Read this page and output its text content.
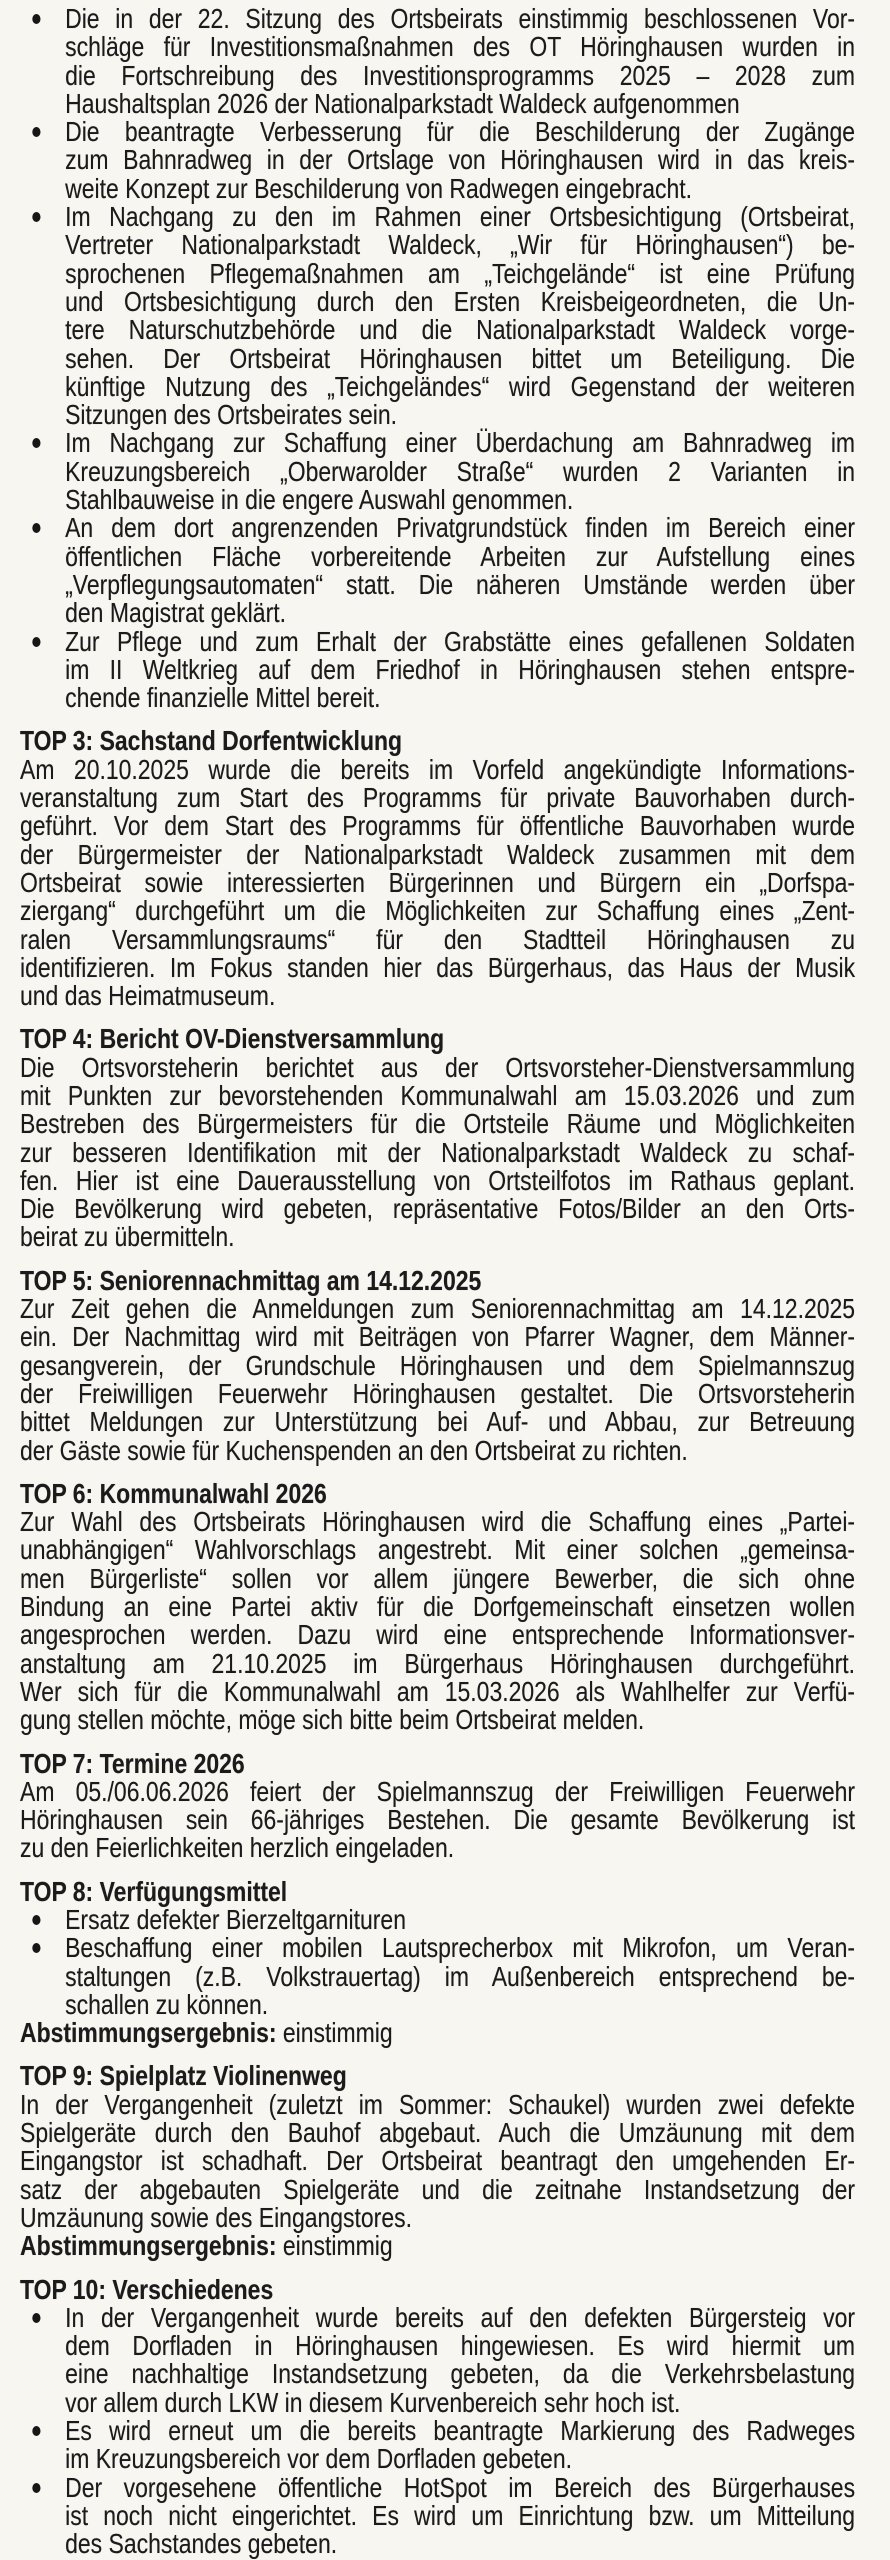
Die in der 22. Sitzung des Ortsbeirats einstimmig beschlossenen Vor-
schläge für Investitionsmaßnahmen des OT Höringhausen wurden in
die Fortschreibung des Investitionsprogramms 2025 – 2028 zum
Haushaltsplan 2026 der Nationalparkstadt Waldeck aufgenommen
Die beantragte Verbesserung für die Beschilderung der Zugänge
zum Bahnradweg in der Ortslage von Höringhausen wird in das kreis-
weite Konzept zur Beschilderung von Radwegen eingebracht.
Im Nachgang zu den im Rahmen einer Ortsbesichtigung (Ortsbeirat,
Vertreter Nationalparkstadt Waldeck, „Wir für Höringhausen“) be-
sprochenen Pflegemaßnahmen am „Teichgelände“ ist eine Prüfung
und Ortsbesichtigung durch den Ersten Kreisbeigeordneten, die Un-
tere Naturschutzbehörde und die Nationalparkstadt Waldeck vorge-
sehen. Der Ortsbeirat Höringhausen bittet um Beteiligung. Die
künftige Nutzung des „Teichgeländes“ wird Gegenstand der weiteren
Sitzungen des Ortsbeirates sein.
Im Nachgang zur Schaffung einer Überdachung am Bahnradweg im
Kreuzungsbereich „Oberwarolder Straße“ wurden 2 Varianten in
Stahlbauweise in die engere Auswahl genommen.
An dem dort angrenzenden Privatgrundstück finden im Bereich einer
öffentlichen Fläche vorbereitende Arbeiten zur Aufstellung eines
„Verpflegungsautomaten“ statt. Die näheren Umstände werden über
den Magistrat geklärt.
Zur Pflege und zum Erhalt der Grabstätte eines gefallenen Soldaten
im II Weltkrieg auf dem Friedhof in Höringhausen stehen entspre-
chende finanzielle Mittel bereit.
TOP 3: Sachstand Dorfentwicklung
Am 20.10.2025 wurde die bereits im Vorfeld angekündigte Informations-
veranstaltung zum Start des Programms für private Bauvorhaben durch-
geführt. Vor dem Start des Programms für öffentliche Bauvorhaben wurde
der Bürgermeister der Nationalparkstadt Waldeck zusammen mit dem
Ortsbeirat sowie interessierten Bürgerinnen und Bürgern ein „Dorfspa-
ziergang“ durchgeführt um die Möglichkeiten zur Schaffung eines „Zent-
ralen Versammlungsraums“ für den Stadtteil Höringhausen zu
identifizieren. Im Fokus standen hier das Bürgerhaus, das Haus der Musik
und das Heimatmuseum.
TOP 4: Bericht OV-Dienstversammlung
Die Ortsvorsteherin berichtet aus der Ortsvorsteher-Dienstversammlung
mit Punkten zur bevorstehenden Kommunalwahl am 15.03.2026 und zum
Bestreben des Bürgermeisters für die Ortsteile Räume und Möglichkeiten
zur besseren Identifikation mit der Nationalparkstadt Waldeck zu schaf-
fen. Hier ist eine Dauerausstellung von Ortsteilfotos im Rathaus geplant.
Die Bevölkerung wird gebeten, repräsentative Fotos/Bilder an den Orts-
beirat zu übermitteln.
TOP 5: Seniorennachmittag am 14.12.2025
Zur Zeit gehen die Anmeldungen zum Seniorennachmittag am 14.12.2025
ein. Der Nachmittag wird mit Beiträgen von Pfarrer Wagner, dem Männer-
gesangverein, der Grundschule Höringhausen und dem Spielmannszug
der Freiwilligen Feuerwehr Höringhausen gestaltet. Die Ortsvorsteherin
bittet Meldungen zur Unterstützung bei Auf- und Abbau, zur Betreuung
der Gäste sowie für Kuchenspenden an den Ortsbeirat zu richten.
TOP 6: Kommunalwahl 2026
Zur Wahl des Ortsbeirats Höringhausen wird die Schaffung eines „Partei-
unabhängigen“ Wahlvorschlags angestrebt. Mit einer solchen „gemeinsa-
men Bürgerliste“ sollen vor allem jüngere Bewerber, die sich ohne
Bindung an eine Partei aktiv für die Dorfgemeinschaft einsetzen wollen
angesprochen werden. Dazu wird eine entsprechende Informationsver-
anstaltung am 21.10.2025 im Bürgerhaus Höringhausen durchgeführt.
Wer sich für die Kommunalwahl am 15.03.2026 als Wahlhelfer zur Verfü-
gung stellen möchte, möge sich bitte beim Ortsbeirat melden.
TOP 7: Termine 2026
Am 05./06.06.2026 feiert der Spielmannszug der Freiwilligen Feuerwehr
Höringhausen sein 66-jähriges Bestehen. Die gesamte Bevölkerung ist
zu den Feierlichkeiten herzlich eingeladen.
TOP 8: Verfügungsmittel
Ersatz defekter Bierzeltgarnituren
Beschaffung einer mobilen Lautsprecherbox mit Mikrofon, um Veran-
staltungen (z.B. Volkstrauertag) im Außenbereich entsprechend be-
schallen zu können.
Abstimmungsergebnis: einstimmig
TOP 9: Spielplatz Violinenweg
In der Vergangenheit (zuletzt im Sommer: Schaukel) wurden zwei defekte
Spielgeräte durch den Bauhof abgebaut. Auch die Umzäunung mit dem
Eingangstor ist schadhaft. Der Ortsbeirat beantragt den umgehenden Er-
satz der abgebauten Spielgeräte und die zeitnahe Instandsetzung der
Umzäunung sowie des Eingangstores.
Abstimmungsergebnis: einstimmig
TOP 10: Verschiedenes
In der Vergangenheit wurde bereits auf den defekten Bürgersteig vor
dem Dorfladen in Höringhausen hingewiesen. Es wird hiermit um
eine nachhaltige Instandsetzung gebeten, da die Verkehrsbelastung
vor allem durch LKW in diesem Kurvenbereich sehr hoch ist.
Es wird erneut um die bereits beantragte Markierung des Radweges
im Kreuzungsbereich vor dem Dorfladen gebeten.
Der vorgesehene öffentliche HotSpot im Bereich des Bürgerhauses
ist noch nicht eingerichtet. Es wird um Einrichtung bzw. um Mitteilung
des Sachstandes gebeten.
